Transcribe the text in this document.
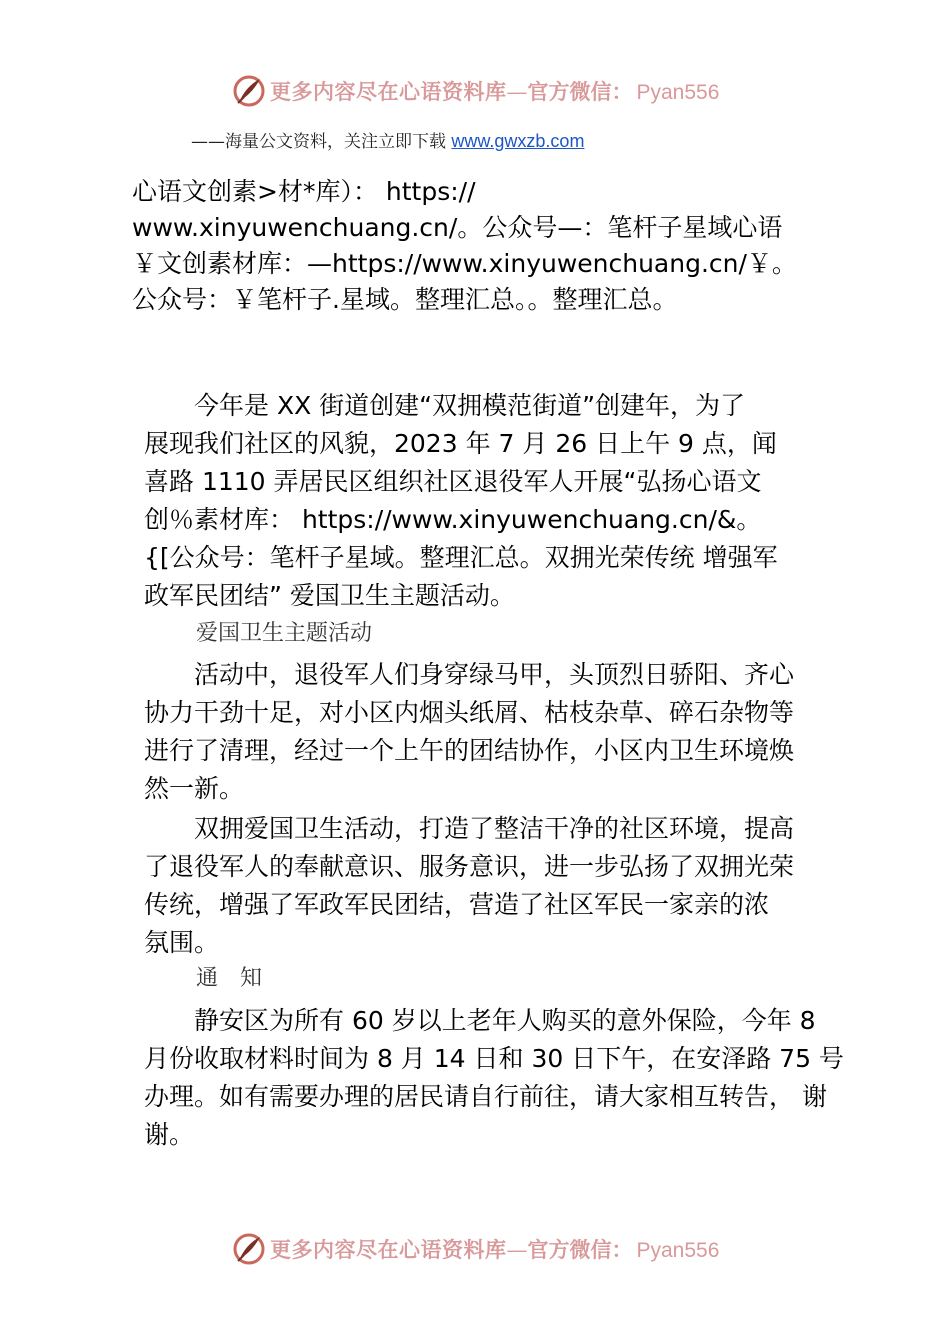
更多内容尽在心语资料库—官方微信： Pyan556
——海量公文资料，关注立即下载 www.gwxzb.com
心语文创素>材*库）： https://
www.xinyuwenchuang.cn/。公众号—：笔杆子星域心语
￥文创素材库：—https://www.xinyuwenchuang.cn/￥。
公众号：￥笔杆子.星域。整理汇总。。整理汇总。
今年是 XX 街道创建“双拥模范街道”创建年，为了
展现我们社区的风貌，2023 年 7 月 26 日上午 9 点，闻
喜路 1110 弄居民区组织社区退役军人开展“弘扬心语文
创％素材库： https://www.xinyuwenchuang.cn/&。
{[公众号：笔杆子星域。整理汇总。双拥光荣传统 增强军
政军民团结” 爱国卫生主题活动。
爱国卫生主题活动
活动中，退役军人们身穿绿马甲，头顶烈日骄阳、齐心
协力干劲十足，对小区内烟头纸屑、枯枝杂草、碎石杂物等
进行了清理，经过一个上午的团结协作，小区内卫生环境焕
然一新。
双拥爱国卫生活动，打造了整洁干净的社区环境，提高
了退役军人的奉献意识、服务意识，进一步弘扬了双拥光荣
传统，增强了军政军民团结，营造了社区军民一家亲的浓
氛围。
通知
静安区为所有 60 岁以上老年人购买的意外保险，今年 8
月份收取材料时间为 8 月 14 日和 30 日下午，在安泽路 75 号
办理。如有需要办理的居民请自行前往，请大家相互转告， 谢
谢。
更多内容尽在心语资料库—官方微信： Pyan556
